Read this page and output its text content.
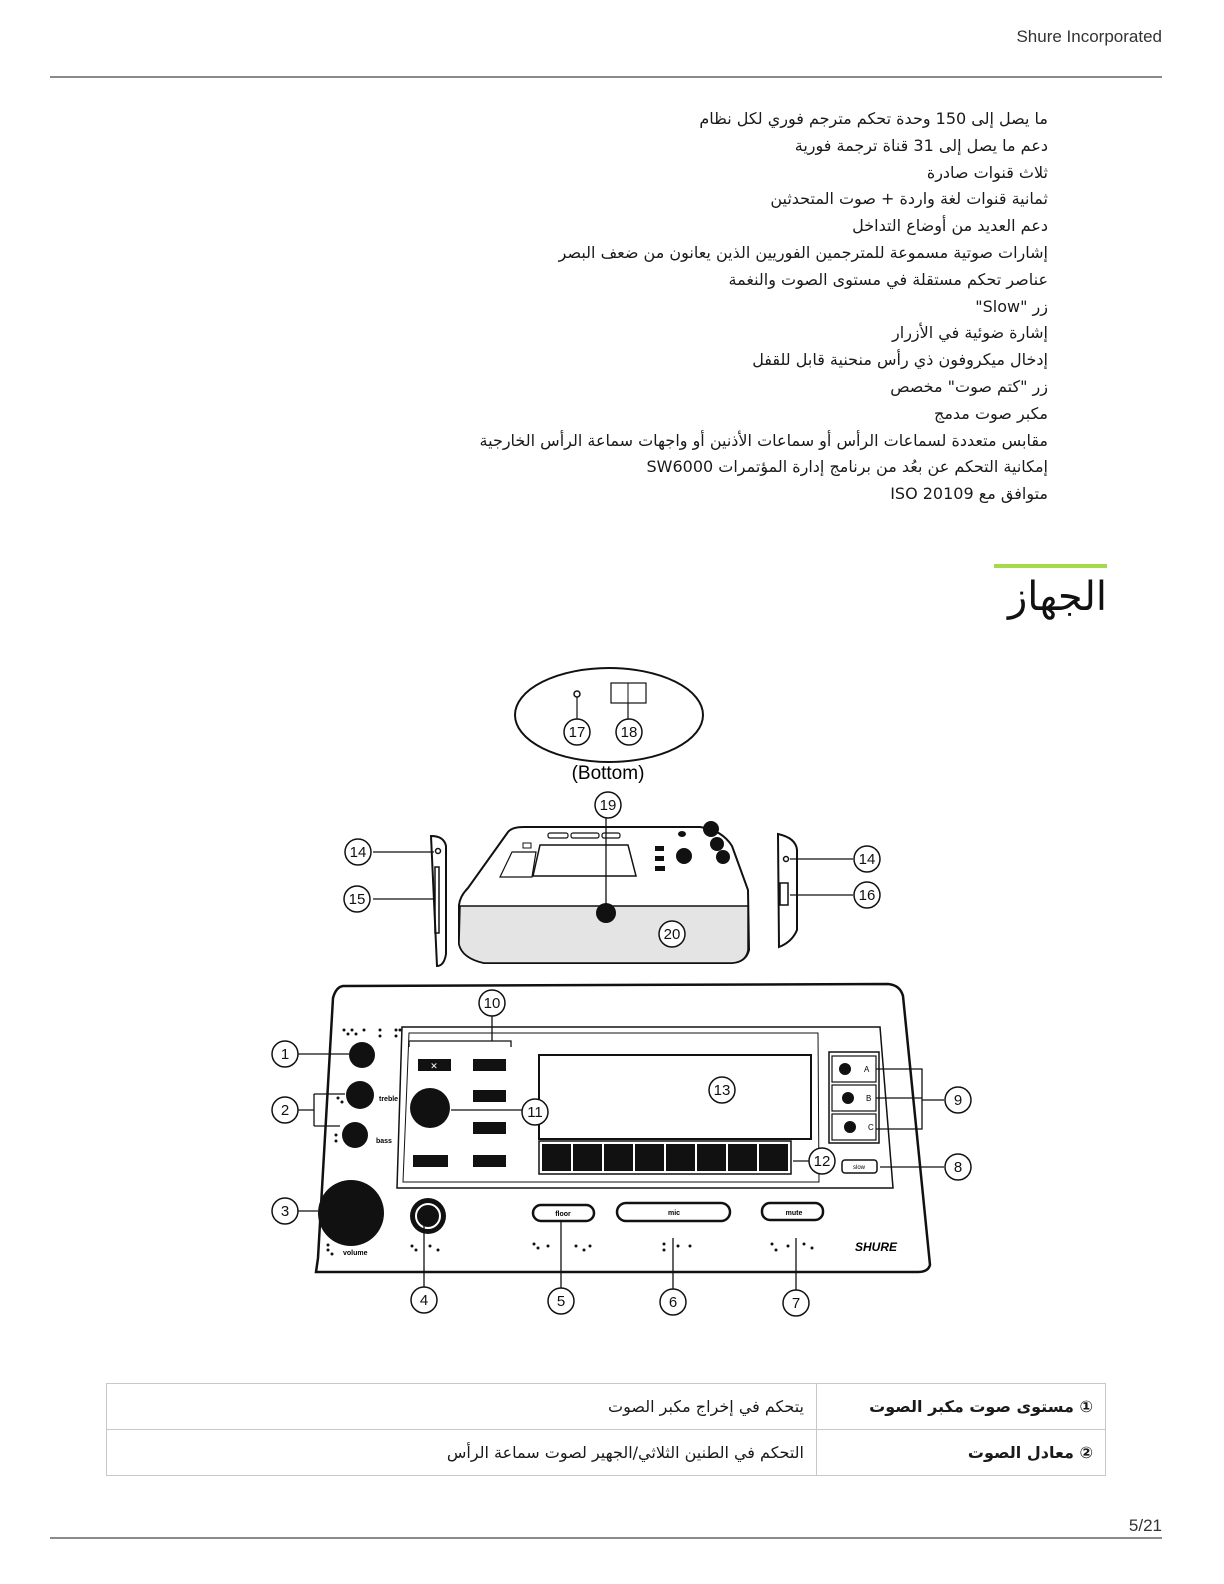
Shure Incorporated
ما يصل إلى 150 وحدة تحكم مترجم فوري لكل نظام
دعم ما يصل إلى 31 قناة ترجمة فورية
ثلاث قنوات صادرة
ثمانية قنوات لغة واردة + صوت المتحدثين
دعم العديد من أوضاع التداخل
إشارات صوتية مسموعة للمترجمين الفوريين الذين يعانون من ضعف البصر
عناصر تحكم مستقلة في مستوى الصوت والنغمة
زر "Slow"
إشارة ضوئية في الأزرار
إدخال ميكروفون ذي رأس منحنية قابل للقفل
زر "كتم صوت" مخصص
مكبر صوت مدمج
مقابس متعددة لسماعات الرأس أو سماعات الأذنين أو واجهات سماعة الرأس الخارجية
إمكانية التحكم عن بعُد من برنامج إدارة المؤتمرات SW6000
متوافق مع ISO 20109
الجهاز
(Bottom)
✕
treble
bass
volume
floor	mic	mute
SHURE
A
B
C
slow
1
2
3
4	5	6	7
8
9
10
11
12
13
14	14
15	16
17 18
19
20
① مستوى صوت مكبر الصوت	يتحكم في إخراج مكبر الصوت
② معادل الصوت	التحكم في الطنين الثلاثي/الجهير لصوت سماعة الرأس
5/21
